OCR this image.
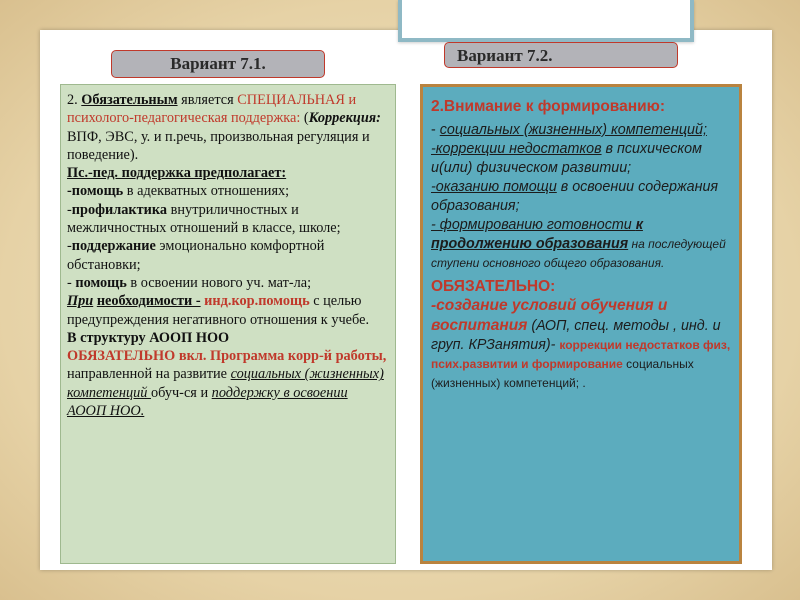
Вариант 7.1.	Вариант 7.2.

2. Обязательным является СПЕЦИАЛЬНАЯ и психолого-педагогическая поддержка: (Коррекция: ВПФ, ЭВС, у. и п.речь, произвольная регуляция и поведение).

Пс.-пед. поддержка предполагает:

-помощь в адекватных отношениях;

-профилактика внутриличностных и межличностных отношений в классе, школе;

-поддержание эмоционально комфортной обстановки;

- помощь в освоении нового уч. мат-ла;

При необходимости - инд.кор.помощь с целью предупреждения негативного отношения к учебе.

В структуру АООП НОО

ОБЯЗАТЕЛЬНО вкл. Программа корр-й работы, направленной на развитие социальных (жизненных) компетенций обуч-ся и поддержку в освоении АООП НОО.

2.Внимание к формированию:

- социальных (жизненных) компетенций;

-коррекции недостатков в психическом и(или) физическом развитии;

-оказанию помощи в освоении содержания образования;

- формированию готовности к продолжению образования на последующей ступени основного общего образования.

ОБЯЗАТЕЛЬНО:

-создание условий обучения и воспитания (АОП, спец. методы , инд. и груп. КРЗанятия)- коррекции недостатков физ, псих.развитии и формирование социальных (жизненных) компетенций; .
